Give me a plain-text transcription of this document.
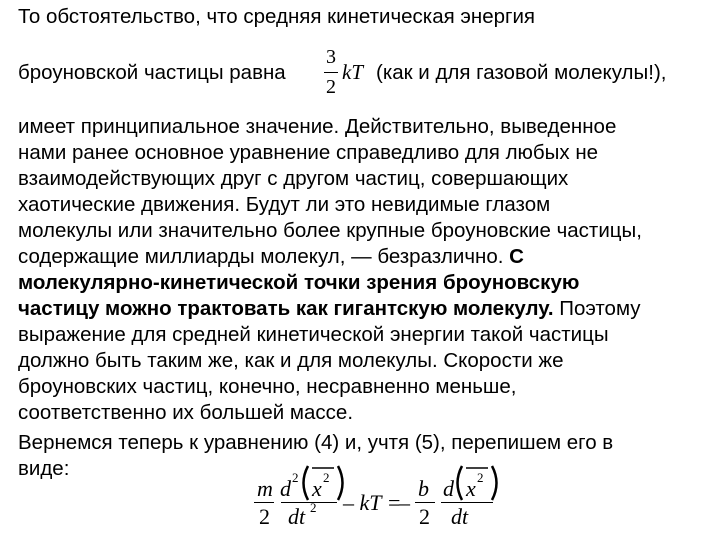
То обстоятельство, что средняя кинетическая энергия
броуновской частицы равна	(как и для газовой молекулы!),
3
2
kT
имеет принципиальное значение. Действительно, выведенное
нами ранее основное уравнение справедливо для любых не
взаимодействующих друг с другом частиц, совершающих
хаотические движения. Будут ли это невидимые глазом
молекулы или значительно более крупные броуновские частицы,
содержащие миллиарды молекул, — безразлично. С
молекулярно-кинетической точки зрения броуновскую
частицу можно трактовать как гигантскую молекулу. Поэтому
выражение для средней кинетической энергии такой частицы
должно быть таким же, как и для молекулы. Скорости же
броуновских частиц, конечно, несравненно меньше,
соответственно их большей массе.
Вернемся теперь к уравнению (4) и, учтя (5), перепишем его в
виде:
m
2
d 2 x 2
dt 2 – kT =
–
b
2
d x 2
dt
